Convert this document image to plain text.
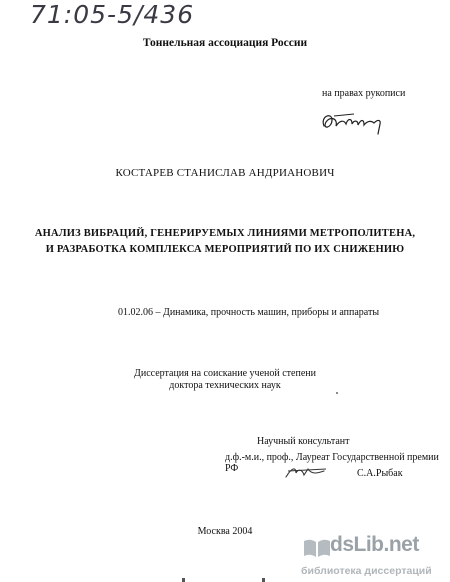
71:05-5/436
Тоннельная ассоциация России
на правах рукописи
КОСТАРЕВ СТАНИСЛАВ АНДРИАНОВИЧ
АНАЛИЗ ВИБРАЦИЙ, ГЕНЕРИРУЕМЫХ ЛИНИЯМИ МЕТРОПОЛИТЕНА,
И РАЗРАБОТКА КОМПЛЕКСА МЕРОПРИЯТИЙ ПО ИХ СНИЖЕНИЮ
01.02.06 – Динамика, прочность машин, приборы и аппараты
Диссертация на соискание ученой степени
доктора технических наук
Научный консультант
д.ф.-м.и., проф., Лауреат Государственной премии РФ	С.А.Рыбак
Москва 2004
dsLib.net
библиотека диссертаций
